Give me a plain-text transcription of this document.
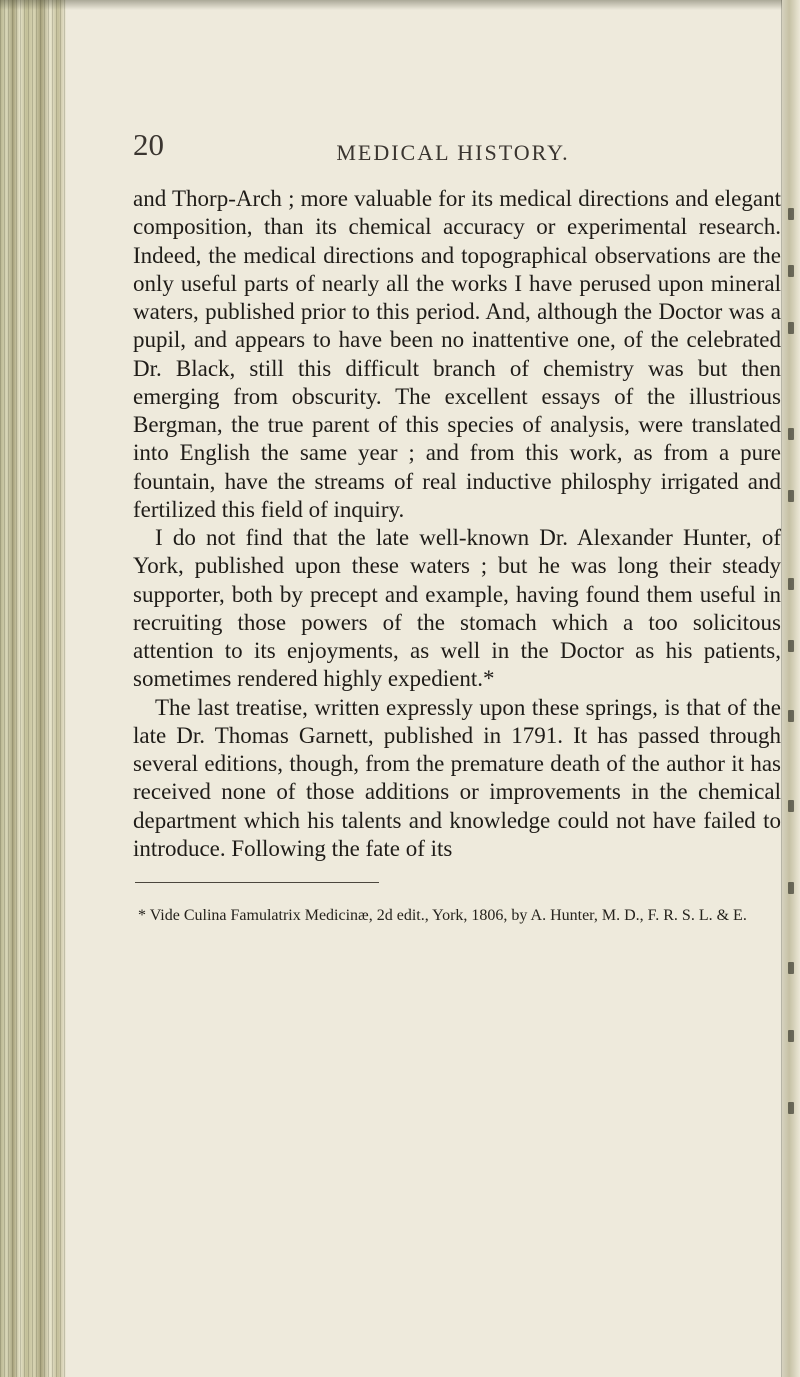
20	MEDICAL HISTORY.

and Thorp-Arch ; more valuable for its medical directions and elegant composition, than its chemical accuracy or experimental research. Indeed, the medical directions and topographical observations are the only useful parts of nearly all the works I have perused upon mineral waters, published prior to this period. And, although the Doctor was a pupil, and appears to have been no inattentive one, of the celebrated Dr. Black, still this difficult branch of chemistry was but then emerging from obscurity. The excellent essays of the illustrious Bergman, the true parent of this species of analysis, were translated into English the same year ; and from this work, as from a pure fountain, have the streams of real inductive philosphy irrigated and fertilized this field of inquiry.

I do not find that the late well-known Dr. Alexander Hunter, of York, published upon these waters ; but he was long their steady supporter, both by precept and example, having found them useful in recruiting those powers of the stomach which a too solicitous attention to its enjoyments, as well in the Doctor as his patients, sometimes rendered highly expedient.*

The last treatise, written expressly upon these springs, is that of the late Dr. Thomas Garnett, published in 1791. It has passed through several editions, though, from the premature death of the author it has received none of those additions or improvements in the chemical department which his talents and knowledge could not have failed to introduce. Following the fate of its

* Vide Culina Famulatrix Medicinæ, 2d edit., York, 1806, by A. Hunter, M. D., F. R. S. L. & E.
